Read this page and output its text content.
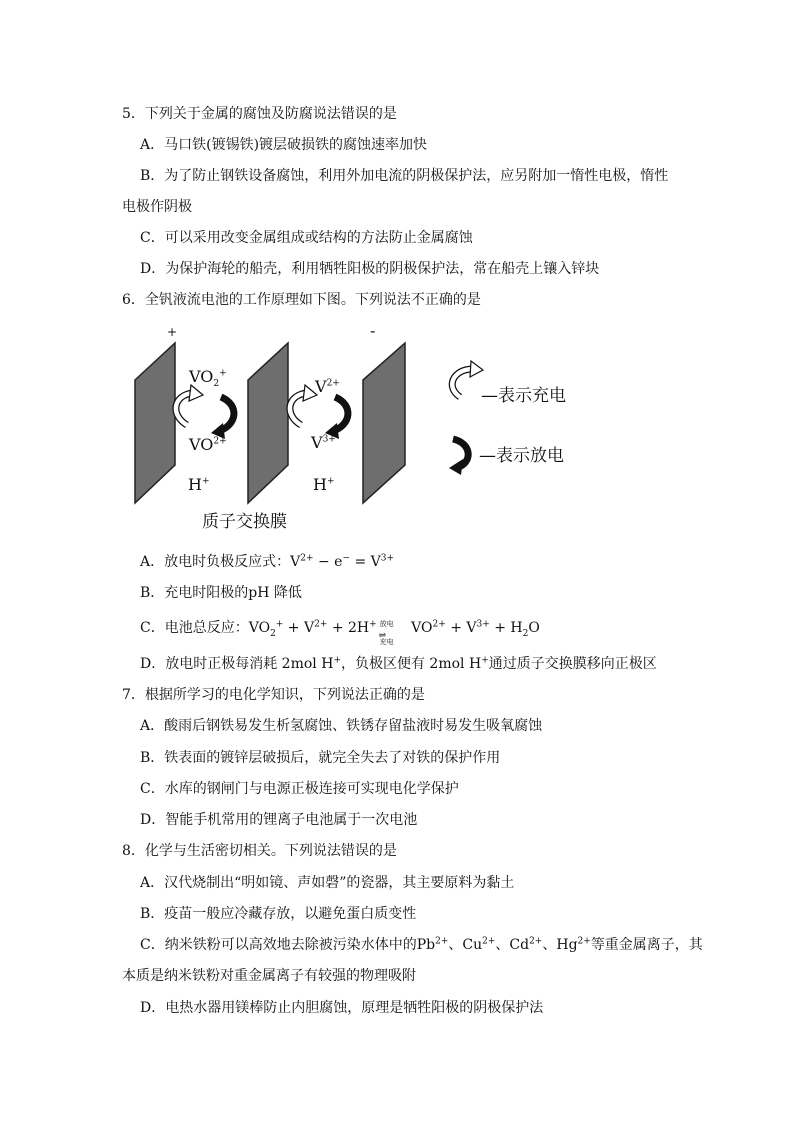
5．下列关于金属的腐蚀及防腐说法错误的是
A．马口铁(镀锡铁)镀层破损铁的腐蚀速率加快
B．为了防止钢铁设备腐蚀，利用外加电流的阴极保护法，应另附加一惰性电极，惰性
电极作阴极
C．可以采用改变金属组成或结构的方法防止金属腐蚀
D．为保护海轮的船壳，利用牺牲阳极的阴极保护法，常在船壳上镶入锌块
6．全钒液流电池的工作原理如下图。下列说法不正确的是
+	-
$VO_2^+$
$VO^{2+}$
$V^{2+}$
$V^{3+}$
H+	H+
质子交换膜
—表示充电
—表示放电
A．放电时负极反应式：$V^{2+} - e^- = V^{3+}$
B．充电时阳极的pH 降低
C．电池总反应：$VO_2^+ + V^{2+} + 2H^+$ 放电
⇌
充电
$VO^{2+} + V^{3+} + H_2O$
D．放电时正极每消耗 2mol H+，负极区便有 2mol H+通过质子交换膜移向正极区
7．根据所学习的电化学知识，下列说法正确的是
A．酸雨后钢铁易发生析氢腐蚀、铁锈存留盐液时易发生吸氧腐蚀
B．铁表面的镀锌层破损后，就完全失去了对铁的保护作用
C．水库的钢闸门与电源正极连接可实现电化学保护
D．智能手机常用的锂离子电池属于一次电池
8．化学与生活密切相关。下列说法错误的是
A．汉代烧制出“明如镜、声如磬”的瓷器，其主要原料为黏土
B．疫苗一般应冷藏存放，以避免蛋白质变性
C．纳米铁粉可以高效地去除被污染水体中的$Pb^{2+}$、$Cu^{2+}$、$Cd^{2+}$、$Hg^{2+}$等重金属离子，其
本质是纳米铁粉对重金属离子有较强的物理吸附
D．电热水器用镁棒防止内胆腐蚀，原理是牺牲阳极的阴极保护法
